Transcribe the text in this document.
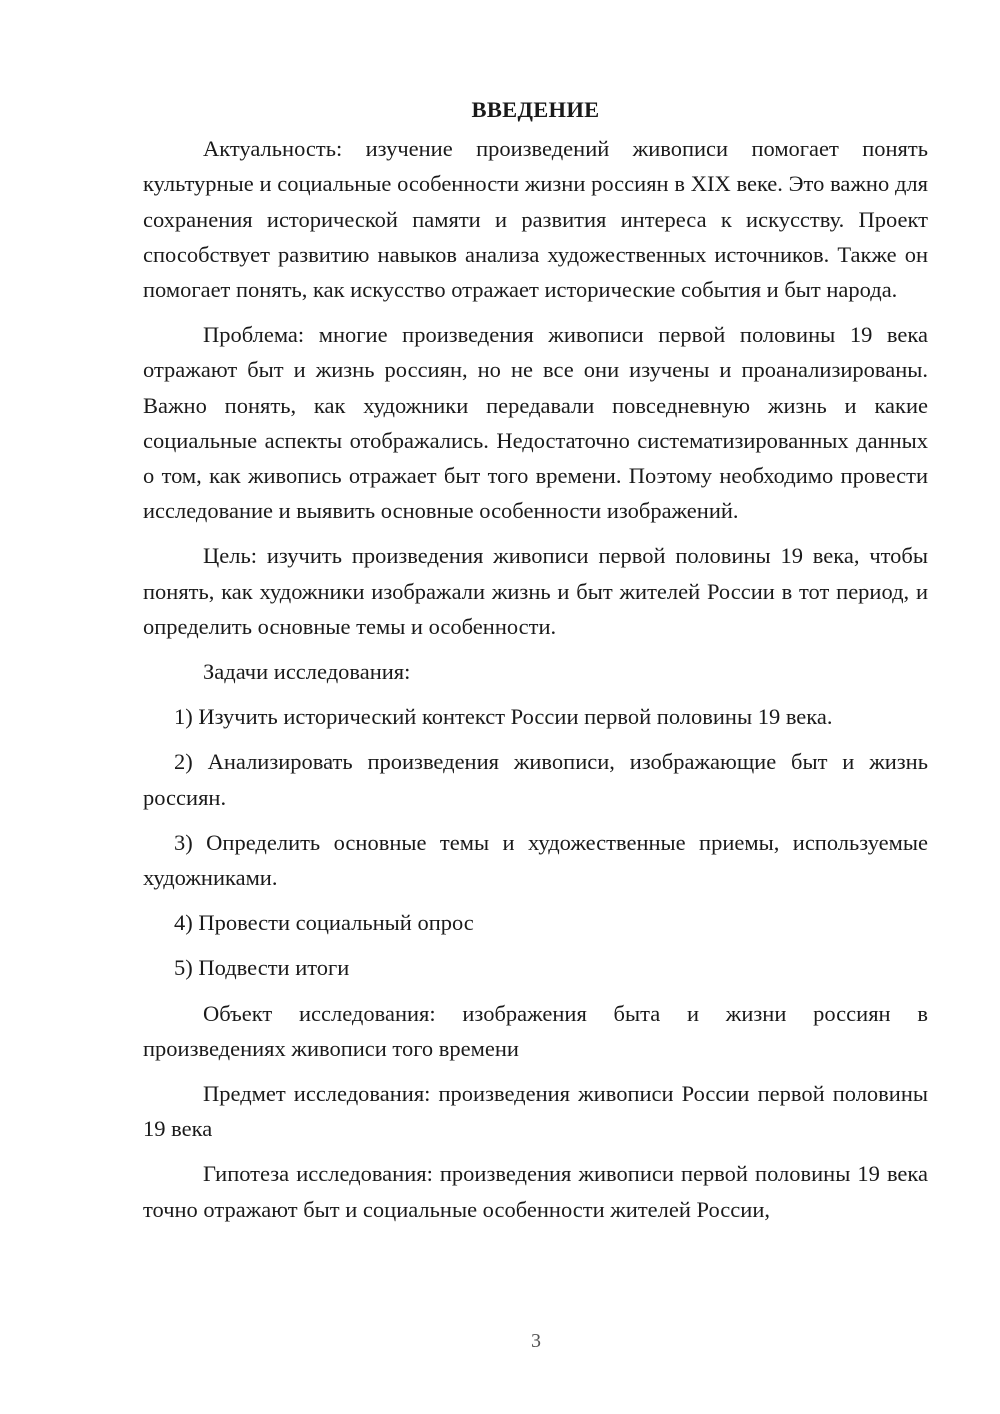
ВВЕДЕНИЕ
Актуальность: изучение произведений живописи помогает понять культурные и социальные особенности жизни россиян в XIX веке. Это важно для сохранения исторической памяти и развития интереса к искусству. Проект способствует развитию навыков анализа художественных источников. Также он помогает понять, как искусство отражает исторические события и быт народа.
Проблема: многие произведения живописи первой половины 19 века отражают быт и жизнь россиян, но не все они изучены и проанализированы. Важно понять, как художники передавали повседневную жизнь и какие социальные аспекты отображались. Недостаточно систематизированных данных о том, как живопись отражает быт того времени. Поэтому необходимо провести исследование и выявить основные особенности изображений.
Цель: изучить произведения живописи первой половины 19 века, чтобы понять, как художники изображали жизнь и быт жителей России в тот период, и определить основные темы и особенности.
Задачи исследования:
1) Изучить исторический контекст России первой половины 19 века.
2) Анализировать произведения живописи, изображающие быт и жизнь россиян.
3) Определить основные темы и художественные приемы, используемые художниками.
4) Провести социальный опрос
5) Подвести итоги
Объект исследования: изображения быта и жизни россиян в произведениях живописи того времени
Предмет исследования: произведения живописи России первой половины 19 века
Гипотеза исследования: произведения живописи первой половины 19 века точно отражают быт и социальные особенности жителей России,
3
